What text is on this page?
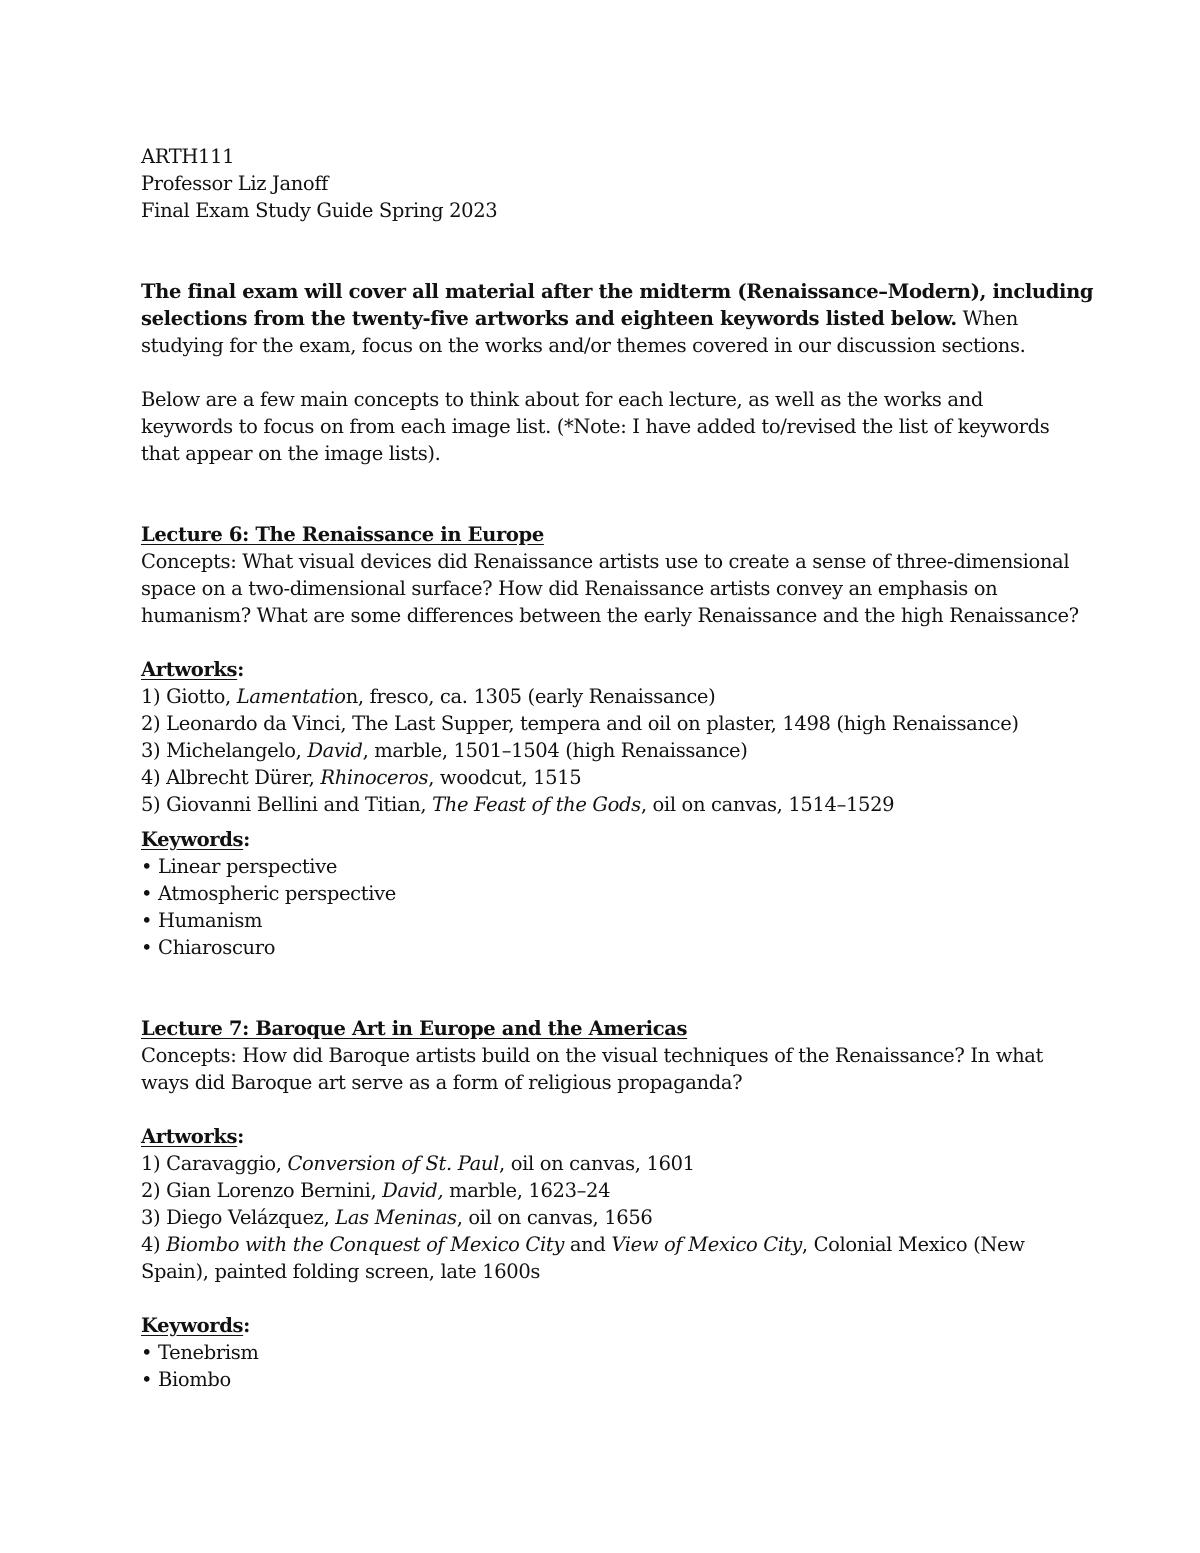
ARTH111
Professor Liz Janoff
Final Exam Study Guide Spring 2023
The final exam will cover all material after the midterm (Renaissance–Modern), including
selections from the twenty-five artworks and eighteen keywords listed below. When
studying for the exam, focus on the works and/or themes covered in our discussion sections.
Below are a few main concepts to think about for each lecture, as well as the works and
keywords to focus on from each image list. (*Note: I have added to/revised the list of keywords
that appear on the image lists).
Lecture 6: The Renaissance in Europe
Concepts: What visual devices did Renaissance artists use to create a sense of three-dimensional
space on a two-dimensional surface? How did Renaissance artists convey an emphasis on
humanism? What are some differences between the early Renaissance and the high Renaissance?
Artworks:
1) Giotto, Lamentation, fresco, ca. 1305 (early Renaissance)
2) Leonardo da Vinci, The Last Supper, tempera and oil on plaster, 1498 (high Renaissance)
3) Michelangelo, David, marble, 1501–1504 (high Renaissance)
4) Albrecht Dürer, Rhinoceros, woodcut, 1515
5) Giovanni Bellini and Titian, The Feast of the Gods, oil on canvas, 1514–1529
Keywords:
• Linear perspective
• Atmospheric perspective
• Humanism
• Chiaroscuro
Lecture 7: Baroque Art in Europe and the Americas
Concepts: How did Baroque artists build on the visual techniques of the Renaissance? In what
ways did Baroque art serve as a form of religious propaganda?
Artworks:
1) Caravaggio, Conversion of St. Paul, oil on canvas, 1601
2) Gian Lorenzo Bernini, David, marble, 1623–24
3) Diego Velázquez, Las Meninas, oil on canvas, 1656
4) Biombo with the Conquest of Mexico City and View of Mexico City, Colonial Mexico (New
Spain), painted folding screen, late 1600s
Keywords:
• Tenebrism
• Biombo
